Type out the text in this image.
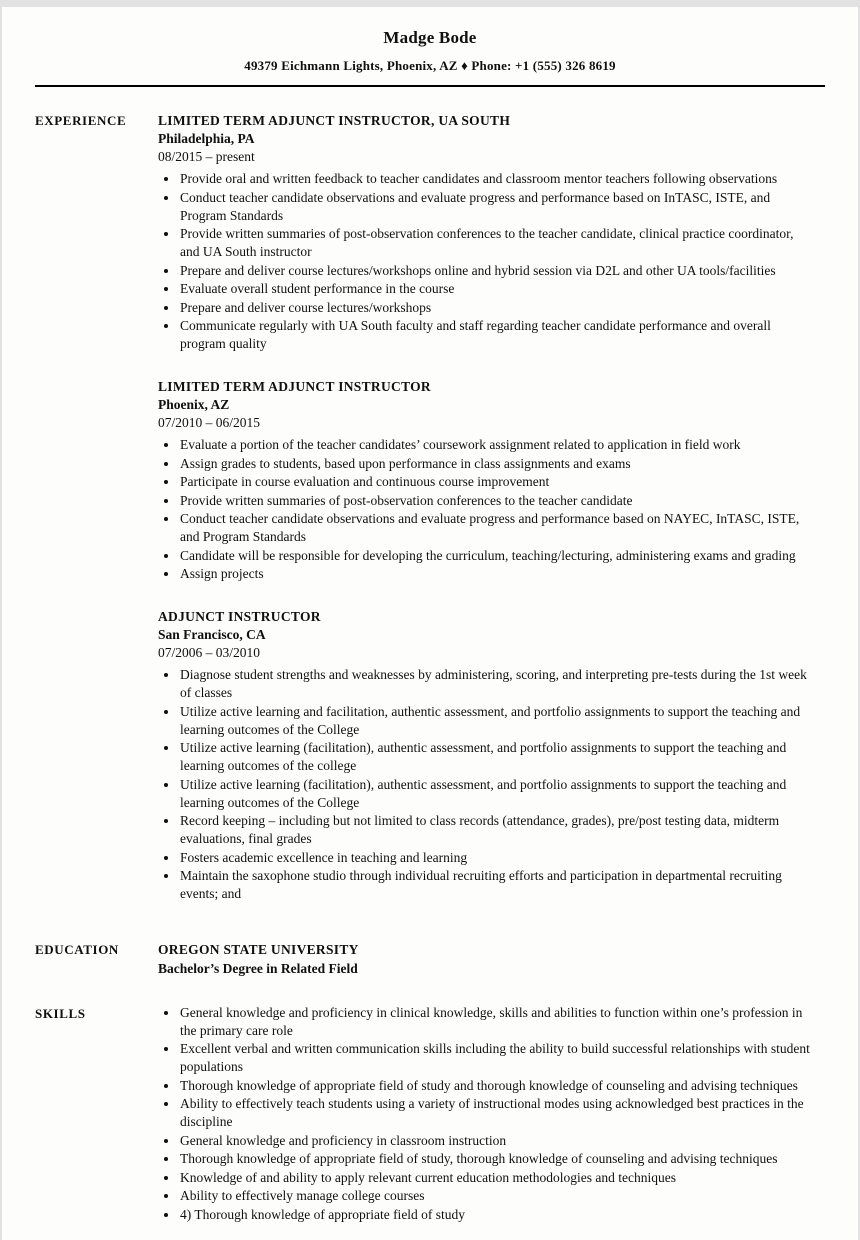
Madge Bode
49379 Eichmann Lights, Phoenix, AZ ♦ Phone: +1 (555) 326 8619
EXPERIENCE	LIMITED TERM ADJUNCT INSTRUCTOR, UA SOUTH
Philadelphia, PA
08/2015 – present
• Provide oral and written feedback to teacher candidates and classroom mentor teachers following observations
• Conduct teacher candidate observations and evaluate progress and performance based on InTASC, ISTE, and Program Standards
• Provide written summaries of post-observation conferences to the teacher candidate, clinical practice coordinator, and UA South instructor
• Prepare and deliver course lectures/workshops online and hybrid session via D2L and other UA tools/facilities
• Evaluate overall student performance in the course
• Prepare and deliver course lectures/workshops
• Communicate regularly with UA South faculty and staff regarding teacher candidate performance and overall program quality
LIMITED TERM ADJUNCT INSTRUCTOR
Phoenix, AZ
07/2010 – 06/2015
• Evaluate a portion of the teacher candidates’ coursework assignment related to application in field work
• Assign grades to students, based upon performance in class assignments and exams
• Participate in course evaluation and continuous course improvement
• Provide written summaries of post-observation conferences to the teacher candidate
• Conduct teacher candidate observations and evaluate progress and performance based on NAYEC, InTASC, ISTE, and Program Standards
• Candidate will be responsible for developing the curriculum, teaching/lecturing, administering exams and grading
• Assign projects
ADJUNCT INSTRUCTOR
San Francisco, CA
07/2006 – 03/2010
• Diagnose student strengths and weaknesses by administering, scoring, and interpreting pre-tests during the 1st week of classes
• Utilize active learning and facilitation, authentic assessment, and portfolio assignments to support the teaching and learning outcomes of the College
• Utilize active learning (facilitation), authentic assessment, and portfolio assignments to support the teaching and learning outcomes of the college
• Utilize active learning (facilitation), authentic assessment, and portfolio assignments to support the teaching and learning outcomes of the College
• Record keeping – including but not limited to class records (attendance, grades), pre/post testing data, midterm evaluations, final grades
• Fosters academic excellence in teaching and learning
• Maintain the saxophone studio through individual recruiting efforts and participation in departmental recruiting events; and
EDUCATION	OREGON STATE UNIVERSITY
Bachelor’s Degree in Related Field
SKILLS	• General knowledge and proficiency in clinical knowledge, skills and abilities to function within one’s profession in the primary care role
• Excellent verbal and written communication skills including the ability to build successful relationships with student populations
• Thorough knowledge of appropriate field of study and thorough knowledge of counseling and advising techniques
• Ability to effectively teach students using a variety of instructional modes using acknowledged best practices in the discipline
• General knowledge and proficiency in classroom instruction
• Thorough knowledge of appropriate field of study, thorough knowledge of counseling and advising techniques
• Knowledge of and ability to apply relevant current education methodologies and techniques
• Ability to effectively manage college courses
• 4) Thorough knowledge of appropriate field of study
